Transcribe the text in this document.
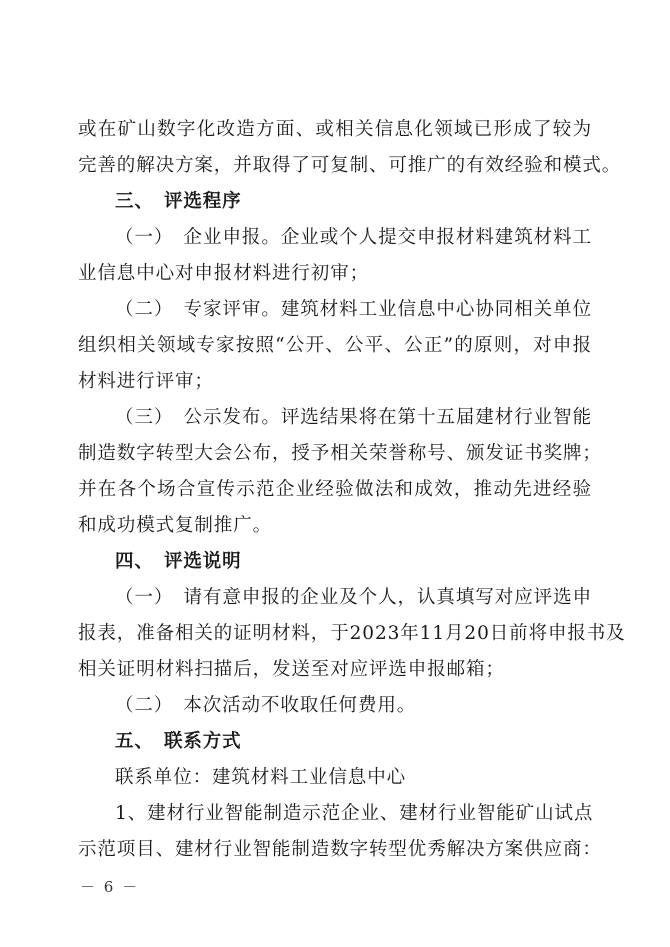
或在矿山数字化改造方面、或相关信息化领域已形成了较为
完善的解决方案，并取得了可复制、可推广的有效经验和模式。
三、　评选程序
（一）　企业申报。企业或个人提交申报材料建筑材料工
业信息中心对申报材料进行初审；
（二）　专家评审。建筑材料工业信息中心协同相关单位
组织相关领域专家按照“公开、公平、公正”的原则，对申报
材料进行评审；
（三）　公示发布。评选结果将在第十五届建材行业智能
制造数字转型大会公布，授予相关荣誉称号、颁发证书奖牌；
并在各个场合宣传示范企业经验做法和成效，推动先进经验
和成功模式复制推广。
四、　评选说明
（一）　请有意申报的企业及个人，认真填写对应评选申
报表，准备相关的证明材料，于2023年11月20日前将申报书及
相关证明材料扫描后，发送至对应评选申报邮箱；
（二）　本次活动不收取任何费用。
五、　联系方式
联系单位：建筑材料工业信息中心
1、建材行业智能制造示范企业、建材行业智能矿山试点
示范项目、建材行业智能制造数字转型优秀解决方案供应商：
－ 6 －
